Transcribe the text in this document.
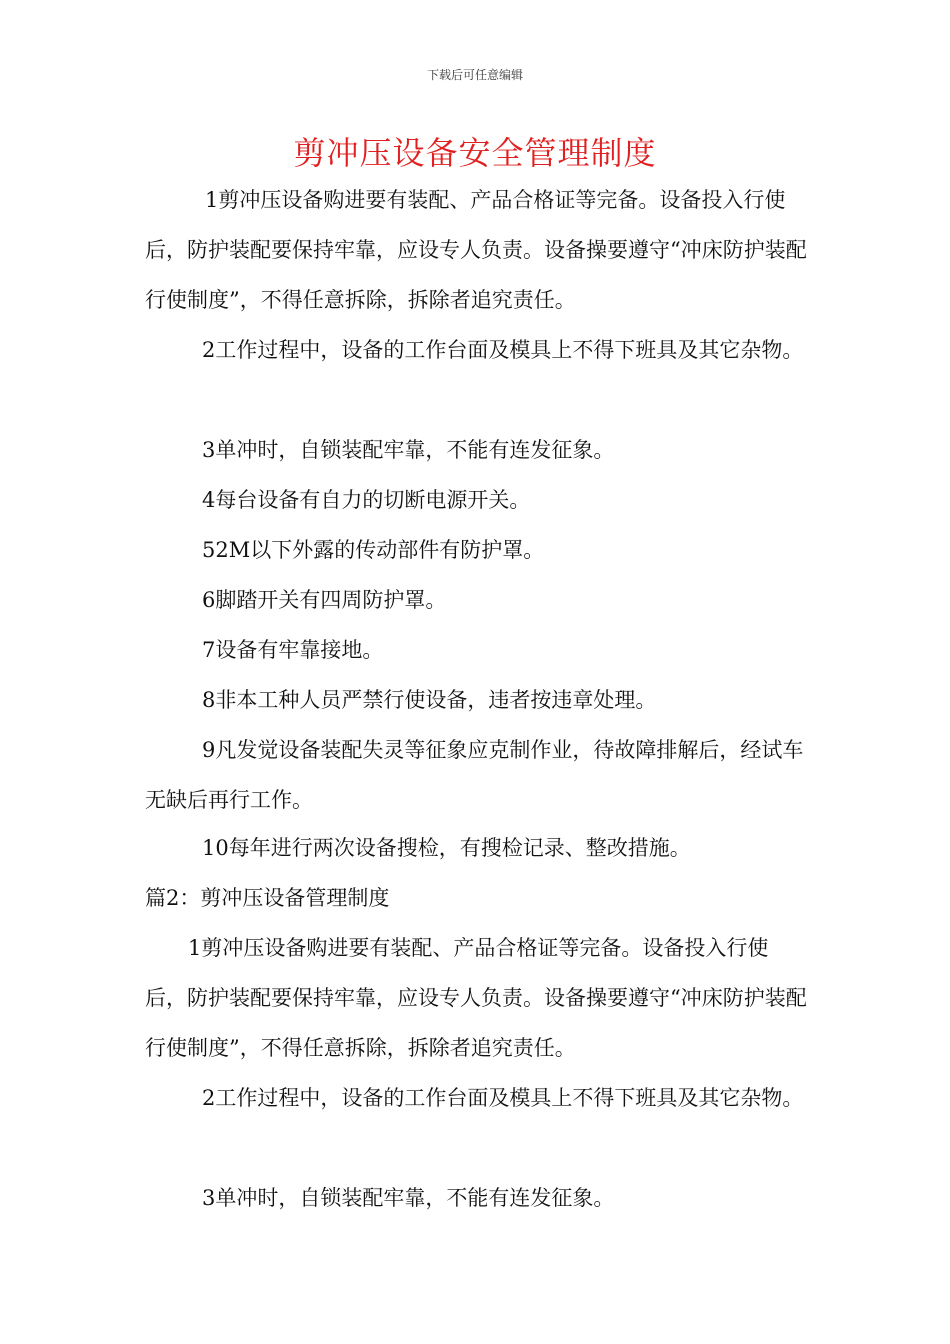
下载后可任意编辑
剪冲压设备安全管理制度

1剪冲压设备购进要有装配、产品合格证等完备。设备投入行使后，防护装配要保持牢靠，应设专人负责。设备操要遵守“冲床防护装配行使制度”，不得任意拆除，拆除者追究责任。

2工作过程中，设备的工作台面及模具上不得下班具及其它杂物。

3单冲时，自锁装配牢靠，不能有连发征象。

4每台设备有自力的切断电源开关。

52M以下外露的传动部件有防护罩。

6脚踏开关有四周防护罩。

7设备有牢靠接地。

8非本工种人员严禁行使设备，违者按违章处理。

9凡发觉设备装配失灵等征象应克制作业，待故障排解后，经试车无缺后再行工作。

10每年进行两次设备搜检，有搜检记录、整改措施。

篇2：剪冲压设备管理制度

1剪冲压设备购进要有装配、产品合格证等完备。设备投入行使后，防护装配要保持牢靠，应设专人负责。设备操要遵守“冲床防护装配行使制度”，不得任意拆除，拆除者追究责任。

2工作过程中，设备的工作台面及模具上不得下班具及其它杂物。

3单冲时，自锁装配牢靠，不能有连发征象。
